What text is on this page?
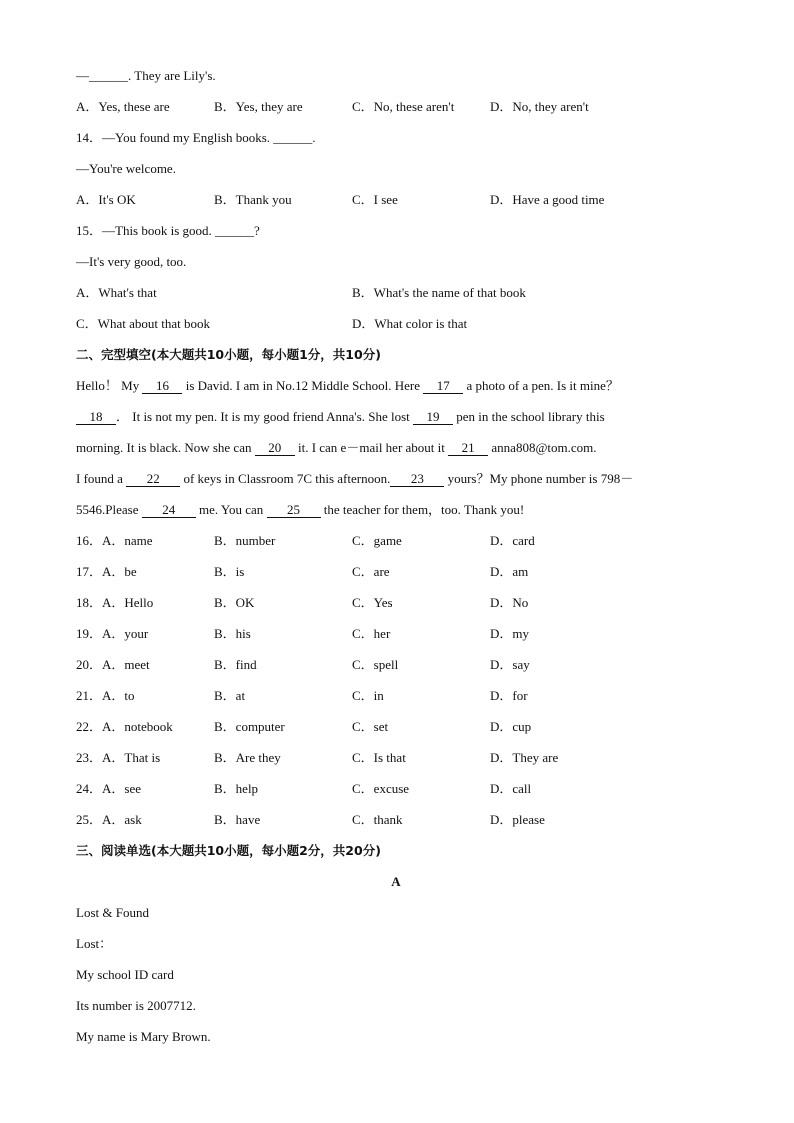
—______. They are Lily's.
A．Yes, these are	B．Yes, they are	C．No, these aren't	D．No, they aren't
14．—You found my English books. ______.
—You're welcome.
A．It's OK	B．Thank you	C．I see	D．Have a good time
15．—This book is good. ______?
—It's very good, too.
A．What's that	B．What's the name of that book
C．What about that book	D．What color is that
二、完型填空(本大题共10小题，每小题1分，共10分)
Hello！ My 16 is David. I am in No.12 Middle School. Here 17 a photo of a pen. Is it mine？
18 ． It is not my pen. It is my good friend Anna's. She lost 19 pen in the school library this
morning. It is black. Now she can 20 it. I can e－mail her about it 21 anna808@tom.com.
I found a 22 of keys in Classroom 7C this afternoon. 23 yours？My phone number is 798－
5546.Please 24 me. You can 25 the teacher for them，too. Thank you!
16．A．name	B．number	C．game	D．card
17．A．be	B．is	C．are	D．am
18．A．Hello	B．OK	C．Yes	D．No
19．A．your	B．his	C．her	D．my
20．A．meet	B．find	C．spell	D．say
21．A．to	B．at	C．in	D．for
22．A．notebook	B．computer	C．set	D．cup
23．A．That is	B．Are they	C．Is that	D．They are
24．A．see	B．help	C．excuse	D．call
25．A．ask	B．have	C．thank	D．please
三、阅读单选(本大题共10小题，每小题2分，共20分)
A
Lost & Found
Lost：
My school ID card
Its number is 2007712.
My name is Mary Brown.
